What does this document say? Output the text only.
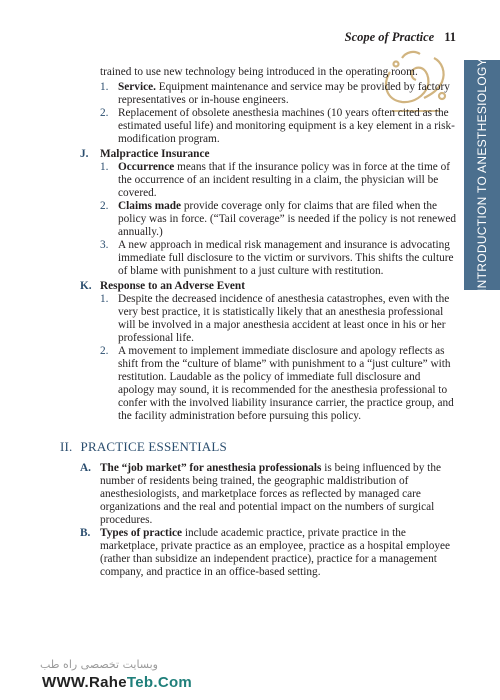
Scope of Practice 11
INTRODUCTION TO ANESTHESIOLOGY

trained to use new technology being introduced in the operating room.

1. Service. Equipment maintenance and service may be provided by factory representatives or in-house engineers.
2. Replacement of obsolete anesthesia machines (10 years often cited as the estimated useful life) and monitoring equipment is a key element in a risk-modification program.
J.	Malpractice Insurance
1. Occurrence means that if the insurance policy was in force at the time of the occurrence of an incident resulting in a claim, the physician will be covered.
2. Claims made provide coverage only for claims that are filed when the policy was in force. (“Tail coverage” is needed if the policy is not renewed annually.)
3. A new approach in medical risk management and insurance is advocating immediate full disclosure to the victim or survivors. This shifts the culture of blame with punishment to a just culture with restitution.
K. Response to an Adverse Event
1. Despite the decreased incidence of anesthesia catastrophes, even with the very best practice, it is statistically likely that an anesthesia professional will be involved in a major anesthesia accident at least once in his or her professional life.
2. A movement to implement immediate disclosure and apology reflects as shift from the “culture of blame” with punishment to a “just culture” with restitution. Laudable as the policy of immediate full disclosure and apology may sound, it is recommended for the anesthesia professional to confer with the involved liability insurance carrier, the practice group, and the facility administration before pursuing this policy.
II. PRACTICE ESSENTIALS
A. The “job market” for anesthesia professionals is being influenced by the number of residents being trained, the geographic maldistribution of anesthesiologists, and marketplace forces as reflected by managed care organizations and the real and potential impact on the numbers of surgical procedures.
B. Types of practice include academic practice, private practice in the marketplace, private practice as an employee, practice as a hospital employee (rather than subsidize an independent practice), practice for a management company, and practice in an office-based setting.
وبسایت تخصصی راه طب
WWW.RaheTeb.Com
